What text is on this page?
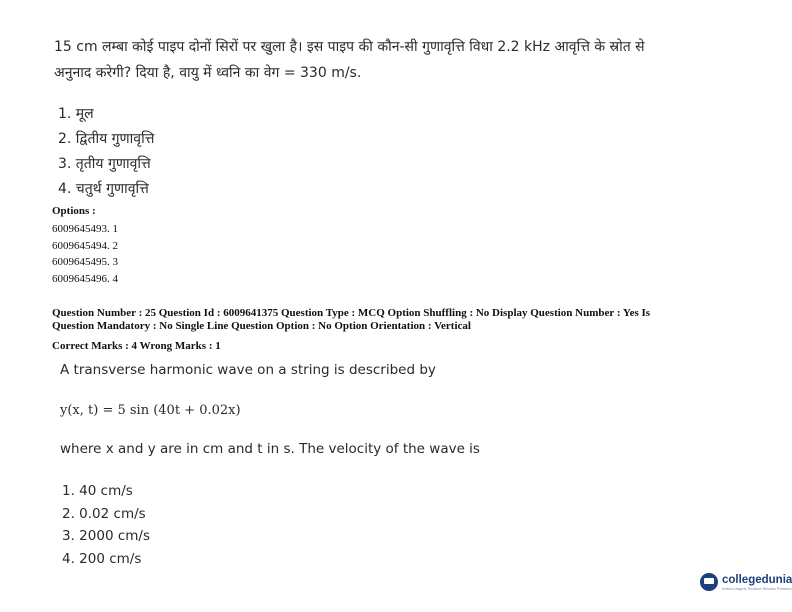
15 cm लम्बा कोई पाइप दोनों सिरों पर खुला है। इस पाइप की कौन-सी गुणावृत्ति विधा 2.2 kHz आवृत्ति के स्रोत से

अनुनाद करेगी? दिया है, वायु में ध्वनि का वेग = 330 m/s.

1. मूल
2. द्वितीय गुणावृत्ति
3. तृतीय गुणावृत्ति
4. चतुर्थ गुणावृत्ति
Options :
6009645493. 1
6009645494. 2
6009645495. 3
6009645496. 4
Question Number : 25 Question Id : 6009641375 Question Type : MCQ Option Shuffling : No Display Question Number : Yes Is
Question Mandatory : No Single Line Question Option : No Option Orientation : Vertical
Correct Marks : 4 Wrong Marks : 1
A transverse harmonic wave on a string is described by
y(x, t) = 5 sin (40t + 0.02x)
where x and y are in cm and t in s. The velocity of the wave is
1. 40 cm/s
2. 0.02 cm/s
3. 2000 cm/s
4. 200 cm/s
collegedunia
India's largest Student Review Platform
